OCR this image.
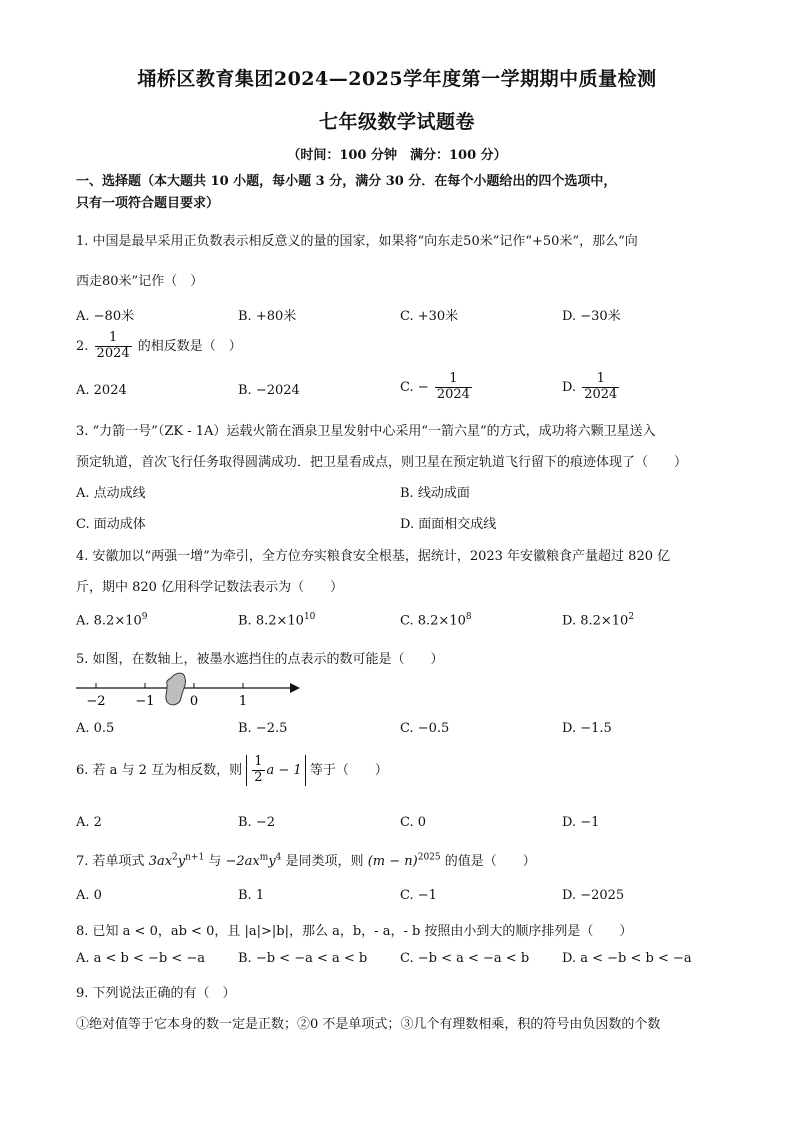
埇桥区教育集团2024—2025学年度第一学期期中质量检测
七年级数学试题卷
（时间：100 分钟　满分：100 分）
一、选择题（本大题共 10 小题，每小题 3 分，满分 30 分．在每个小题给出的四个选项中，
只有一项符合题目要求）
1. 中国是最早采用正负数表示相反意义的量的国家，如果将“向东走50米”记作“+50米”，那么“向
西走80米”记作（　）
A. −80米	B. +80米	C. +30米	D. −30米
2. $\frac{1}{2024}$ 的相反数是（　）
A. 2024	B. −2024	C. − $\frac{1}{2024}$	D. $\frac{1}{2024}$
3. “力箭一号”（ZK - 1A）运载火箭在酒泉卫星发射中心采用“一箭六星”的方式，成功将六颗卫星送入
预定轨道，首次飞行任务取得圆满成功．把卫星看成点，则卫星在预定轨道飞行留下的痕迹体现了（　　）
A. 点动成线	B. 线动成面
C. 面动成体	D. 面面相交成线
4. 安徽加以“两强一增”为牵引，全方位夯实粮食安全根基，据统计，2023 年安徽粮食产量超过 820 亿
斤，期中 820 亿用科学记数法表示为（　　）
A. $8.2\times 10^9$	B. $8.2\times 10^{10}$	C. $8.2\times 10^8$	D. $8.2\times 10^2$
5. 如图，在数轴上，被墨水遮挡住的点表示的数可能是（　　）
−2 −1	0	1
A. 0.5	B. −2.5	C. −0.5	D. −1.5
6. 若 a 与 2 互为相反数，则 $\frac{1}{2}$ a − 1 等于（　　）
A. 2	B. −2	C. 0	D. −1
7. 若单项式 $3ax^2y^{n+1}$ 与 $-2ax^my^4$ 是同类项，则 $(m - n)^{2025}$ 的值是（　　）
A. 0	B. 1	C. −1	D. −2025
8. 已知 a < 0，ab < 0，且 |a|>|b|，那么 a，b，- a，- b 按照由小到大的顺序排列是（　　）
A. a < b < −b < −a	B. −b < −a < a < b	C. −b < a < −a < b	D. a < −b < b < −a
9. 下列说法正确的有（　）
①绝对值等于它本身的数一定是正数；②0 不是单项式；③几个有理数相乘，积的符号由负因数的个数
